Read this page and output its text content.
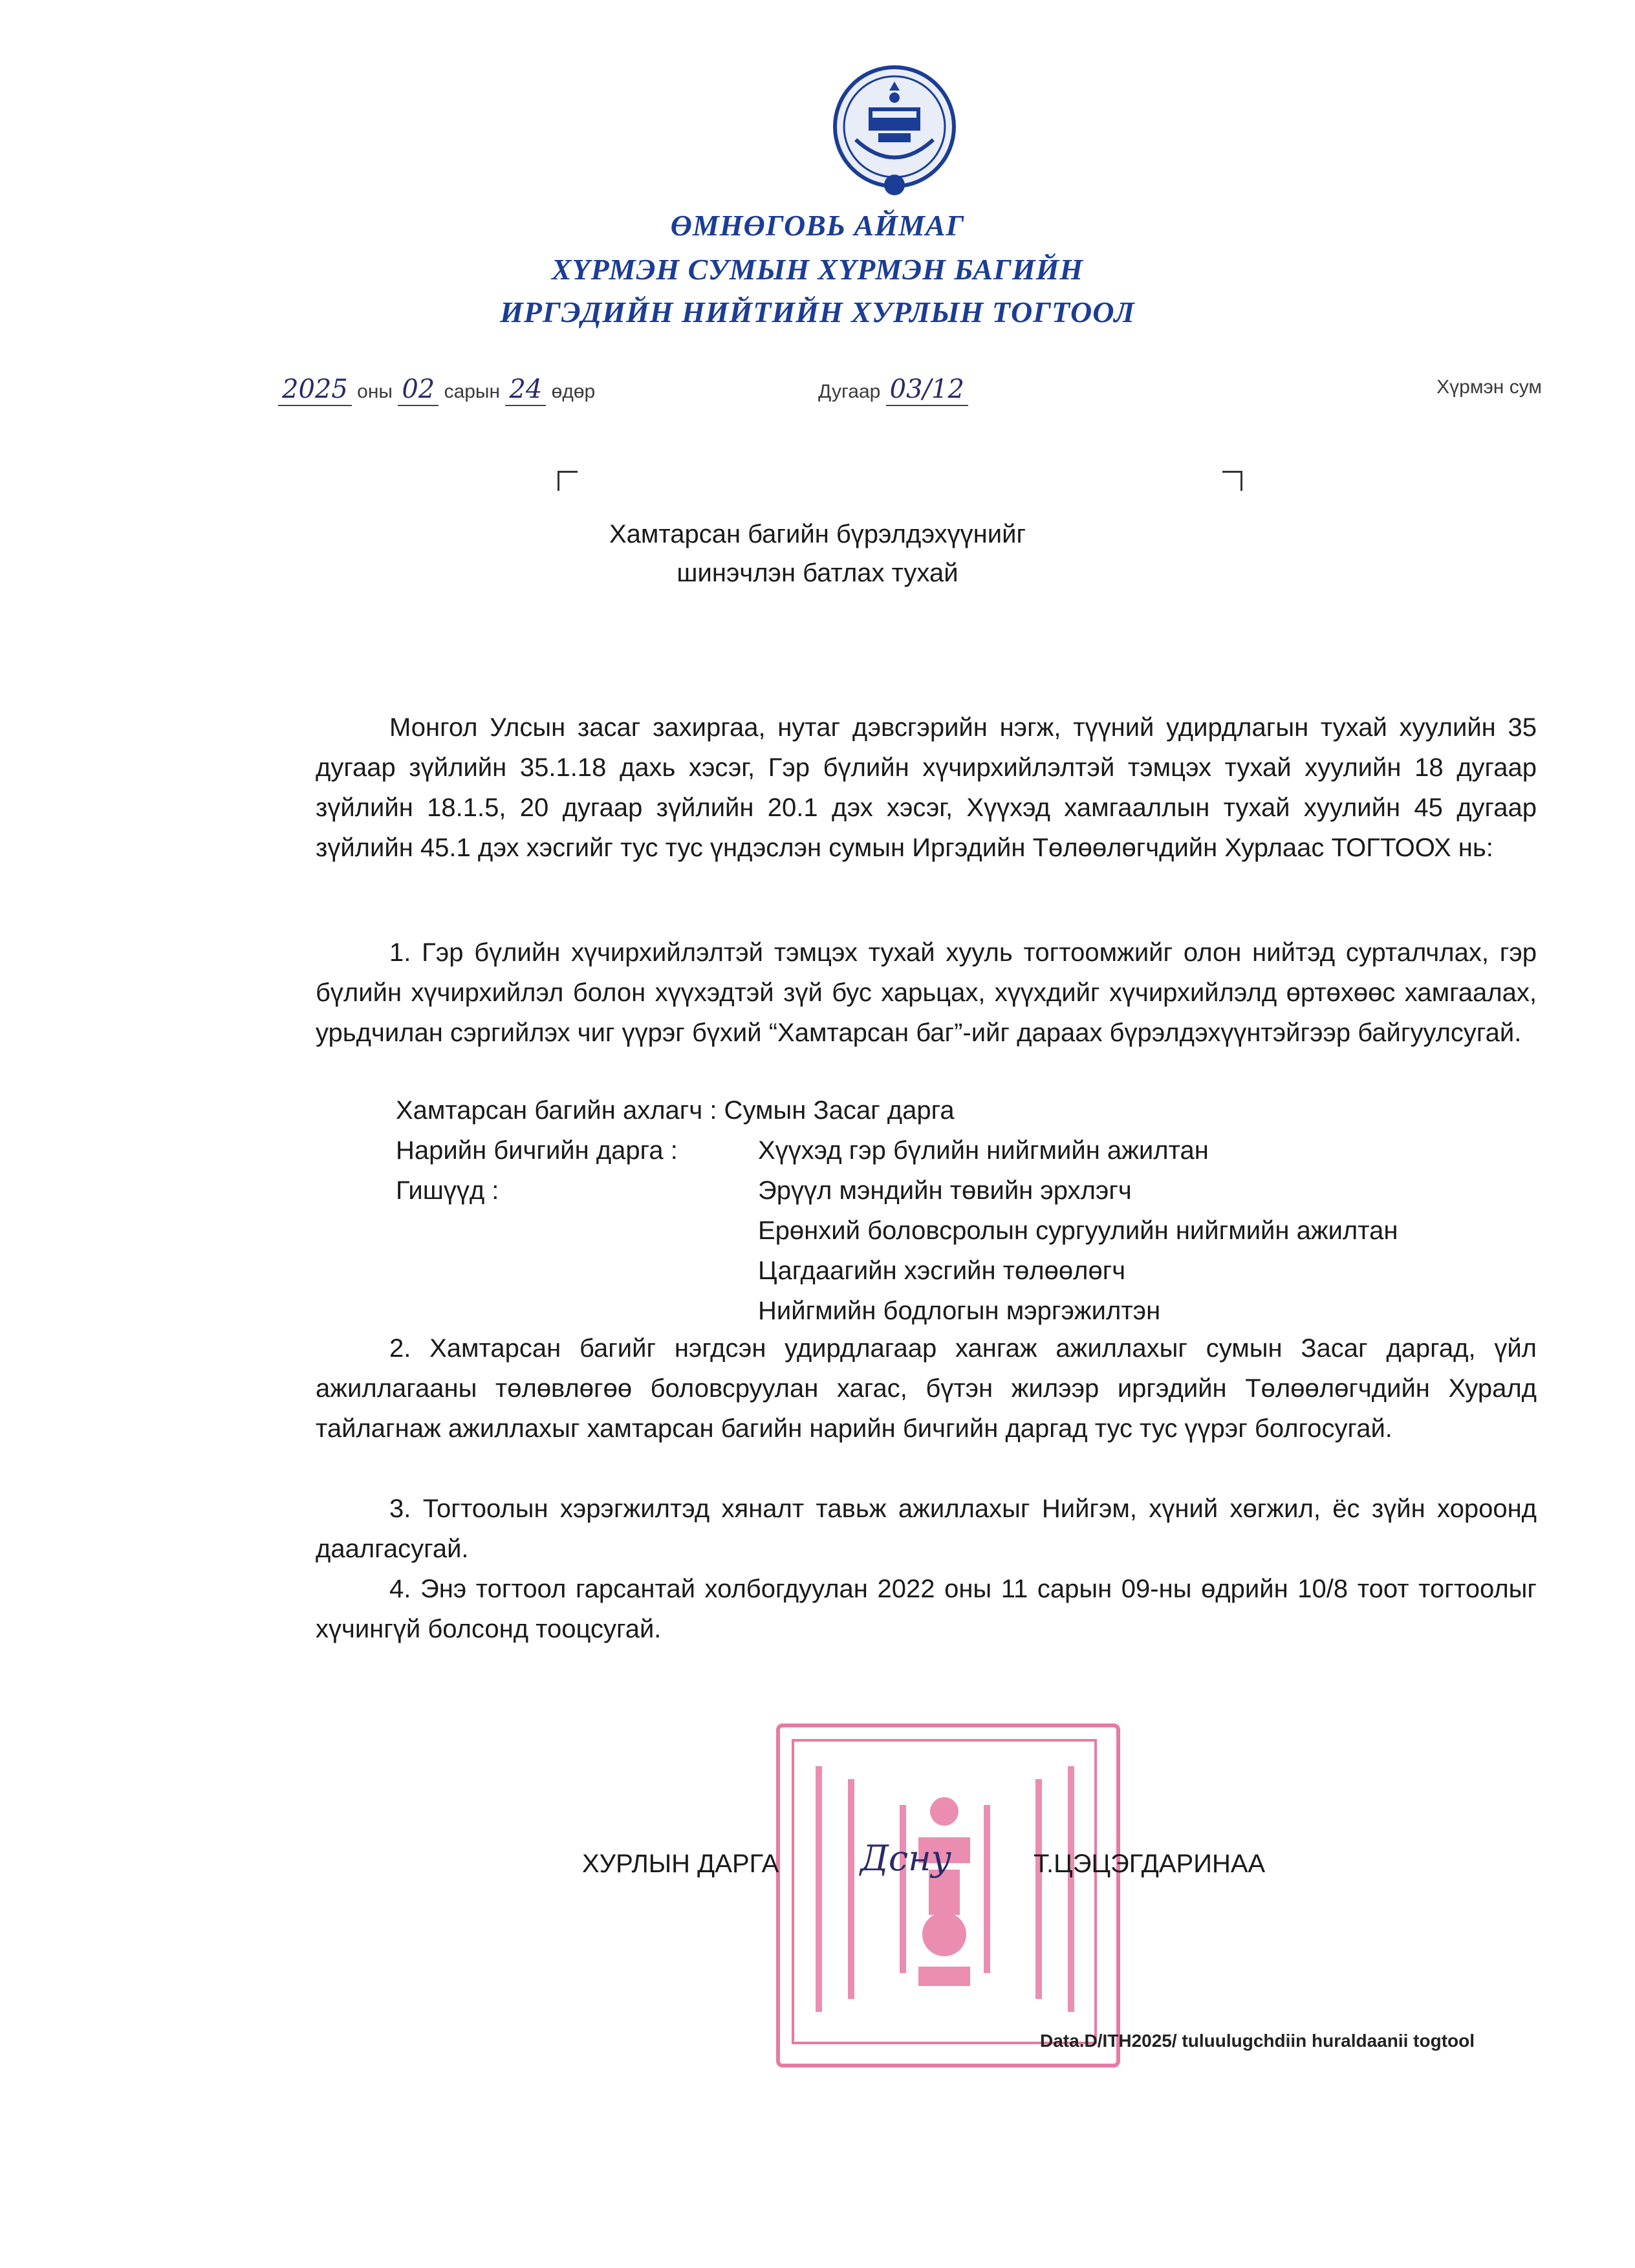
ӨМНӨГОВЬ АЙМАГ
ХҮРМЭН СУМЫН ХҮРМЭН БАГИЙН
ИРГЭДИЙН НИЙТИЙН ХУРЛЫН ТОГТООЛ
2025 оны 02 сарын 24 өдөр	Дугаар 03/12	Хүрмэн сум
Хамтарсан багийн бүрэлдэхүүнийг
шинэчлэн батлах тухай

Монгол Улсын засаг захиргаа, нутаг дэвсгэрийн нэгж, түүний удирдлагын тухай хуулийн 35 дугаар зүйлийн 35.1.18 дахь хэсэг, Гэр бүлийн хүчирхийлэлтэй тэмцэх тухай хуулийн 18 дугаар зүйлийн 18.1.5, 20 дугаар зүйлийн 20.1 дэх хэсэг, Хүүхэд хамгааллын тухай хуулийн 45 дугаар зүйлийн 45.1 дэх хэсгийг тус тус үндэслэн сумын Иргэдийн Төлөөлөгчдийн Хурлаас ТОГТООХ нь:

1. Гэр бүлийн хүчирхийлэлтэй тэмцэх тухай хууль тогтоомжийг олон нийтэд сурталчлах, гэр бүлийн хүчирхийлэл болон хүүхэдтэй зүй бус харьцах, хүүхдийг хүчирхийлэлд өртөхөөс хамгаалах, урьдчилан сэргийлэх чиг үүрэг бүхий “Хамтарсан баг”-ийг дараах бүрэлдэхүүнтэйгээр байгуулсугай.

Хамтарсан багийн ахлагч : Сумын Засаг дарга
Нарийн бичгийн дарга :	Хүүхэд гэр бүлийн нийгмийн ажилтан
Гишүүд :	Эрүүл мэндийн төвийн эрхлэгч
Ерөнхий боловсролын сургуулийн нийгмийн ажилтан
Цагдаагийн хэсгийн төлөөлөгч
Нийгмийн бодлогын мэргэжилтэн

2. Хамтарсан багийг нэгдсэн удирдлагаар хангаж ажиллахыг сумын Засаг даргад, үйл ажиллагааны төлөвлөгөө боловсруулан хагас, бүтэн жилээр иргэдийн Төлөөлөгчдийн Хуралд тайлагнаж ажиллахыг хамтарсан багийн нарийн бичгийн даргад тус тус үүрэг болгосугай.

3. Тогтоолын хэрэгжилтэд хяналт тавьж ажиллахыг Нийгэм, хүний хөгжил, ёс зүйн хороонд даалгасугай.

4. Энэ тогтоол гарсантай холбогдуулан 2022 оны 11 сарын 09-ны өдрийн 10/8 тоот тогтоолыг хүчингүй болсонд тооцсугай.

ХУРЛЫН ДАРГА Дсну	Т.ЦЭЦЭГДАРИНАА
Data.D/ITH2025/ tuluulugchdiin huraldaanii togtool
